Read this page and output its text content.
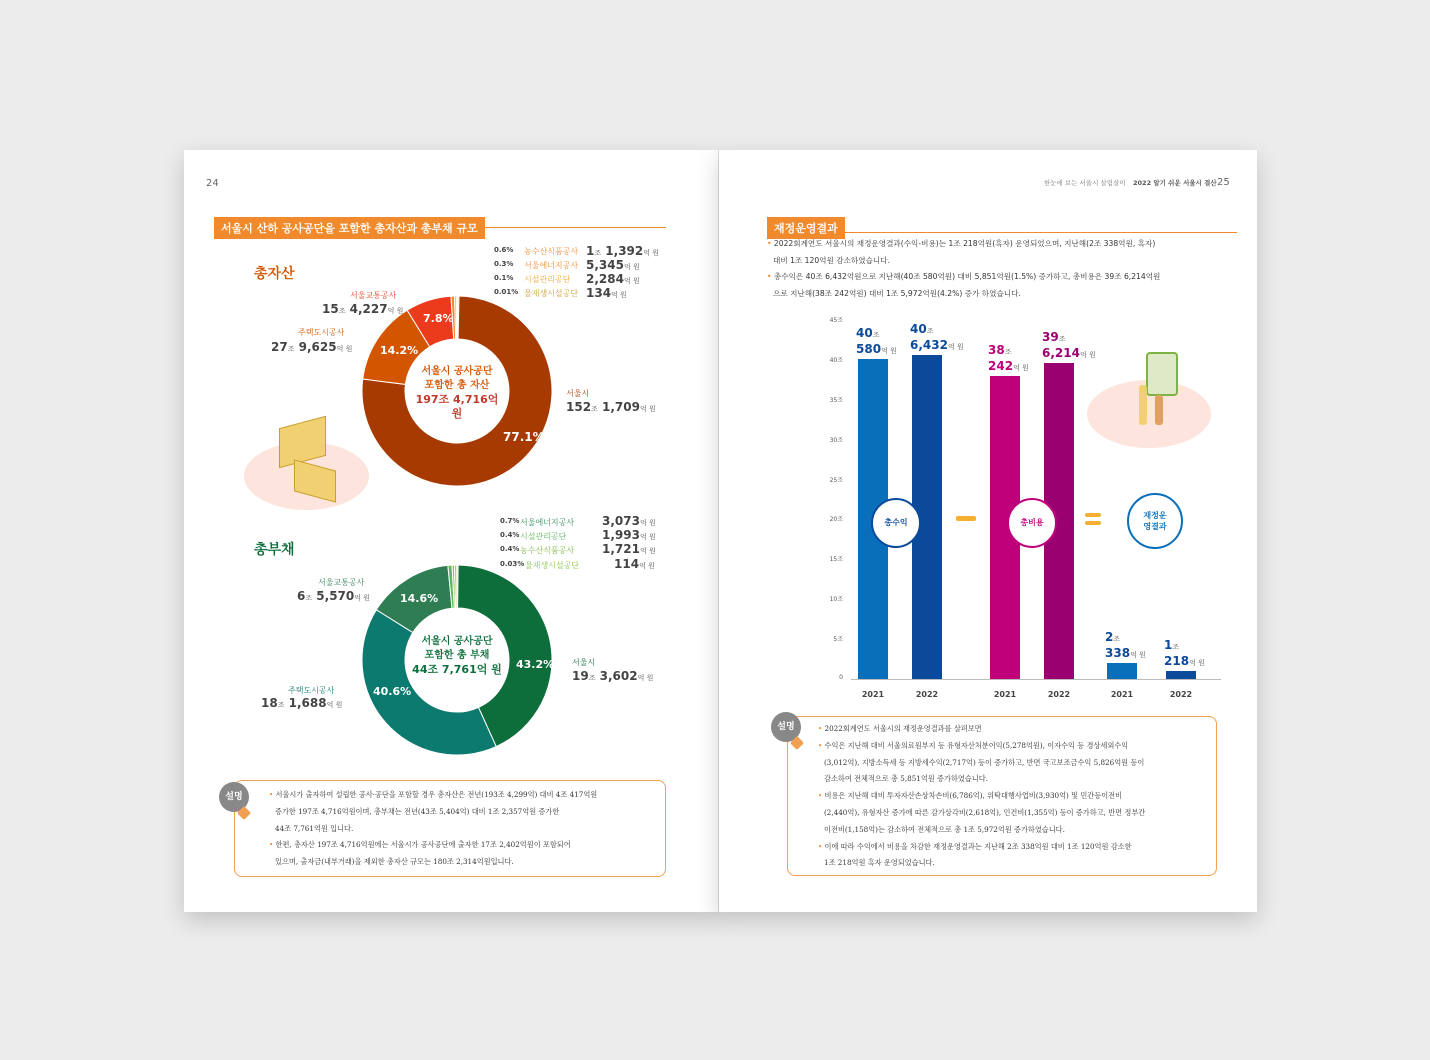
24
서울시 산하 공사공단을 포함한 총자산과 총부채 규모
총자산
서울시 공사공단
포함한 총 자산
197조 4,716억 원
77.1%
14.2%
7.8%
0.6% 농수산식품공사
0.3% 서울에너지공사
0.1% 시설관리공단
0.01% 물재생시설공단
1조 1,392억 원
5,345억 원
2,284억 원
134억 원
서울교통공사
15조 4,227억 원
주택도시공사
27조 9,625억 원
서울시
152조 1,709억 원
총부채
서울시 공사공단
포함한 총 부채
44조 7,761억 원 43.2%
40.6%
14.6%
0.7% 서울에너지공사
0.4% 시설관리공단
0.4% 농수산식품공사
0.03% 물재생시설공단
3,073억 원
1,993억 원
1,721억 원
114억 원
서울교통공사
6조 5,570억 원
주택도시공사
18조 1,688억 원
서울시
19조 3,602억 원
• 서울시가 출자하여 설립한 공사·공단을 포함할 경우 총자산은 전년(193조 4,299억) 대비 4조 417억원
증가한 197조 4,716억원이며, 총부채는 전년(43조 5,404억) 대비 1조 2,357억원 증가한
44조 7,761억원 입니다.
• 한편, 총자산 197조 4,716억원에는 서울시가 공사공단에 출자한 17조 2,402억원이 포함되어
있으며, 출자금(내부거래)을 제외한 총자산 규모는 180조 2,314억원입니다.
설명
한눈에 보는 서울시 살림살이 2022 알기 쉬운 서울시 결산 25
재정운영결과
• 2022회계연도 서울시의 재정운영결과(수익-비용)는 1조 218억원(흑자) 운영되었으며, 지난해(2조 338억원, 흑자)
대비 1조 120억원 감소하였습니다.
• 총수익은 40조 6,432억원으로 지난해(40조 580억원) 대비 5,851억원(1.5%) 증가하고, 총비용은 39조 6,214억원
으로 지난해(38조 242억원) 대비 1조 5,972억원(4.2%) 증가 하였습니다.
0
5조
10조
15조
20조
25조
30조
35조
40조
45조
2021
40조
580억 원
2022
40조
6,432억 원
2021
38조
242억 원
2022
39조
6,214억 원
2021
2조
338억 원
2022
1조
218억 원
총수익	총비용
재정운영결과
• 2022회계연도 서울시의 재정운영결과를 살펴보면
• 수익은 지난해 대비 서울의료원부지 등 유형자산처분이익(5,278억원), 이자수익 등 경상세외수익
(3,012억), 지방소득세 등 지방세수익(2,717억) 등이 증가하고, 반면 국고보조금수익 5,826억원 등이
감소하여 전체적으로 총 5,851억원 증가하였습니다.
• 비용은 지난해 대비 투자자산손상차손비(6,786억), 위탁대행사업비(3,930억) 및 민간등이전비
(2,440억), 유형자산 증가에 따른 감가상각비(2,618억), 인건비(1,355억) 등이 증가하고, 반면 정부간
이전비(1,158억)는 감소하여 전체적으로 총 1조 5,972억원 증가하였습니다.
• 이에 따라 수익에서 비용을 차감한 재정운영결과는 지난해 2조 338억원 대비 1조 120억원 감소한
1조 218억원 흑자 운영되었습니다.
설명
